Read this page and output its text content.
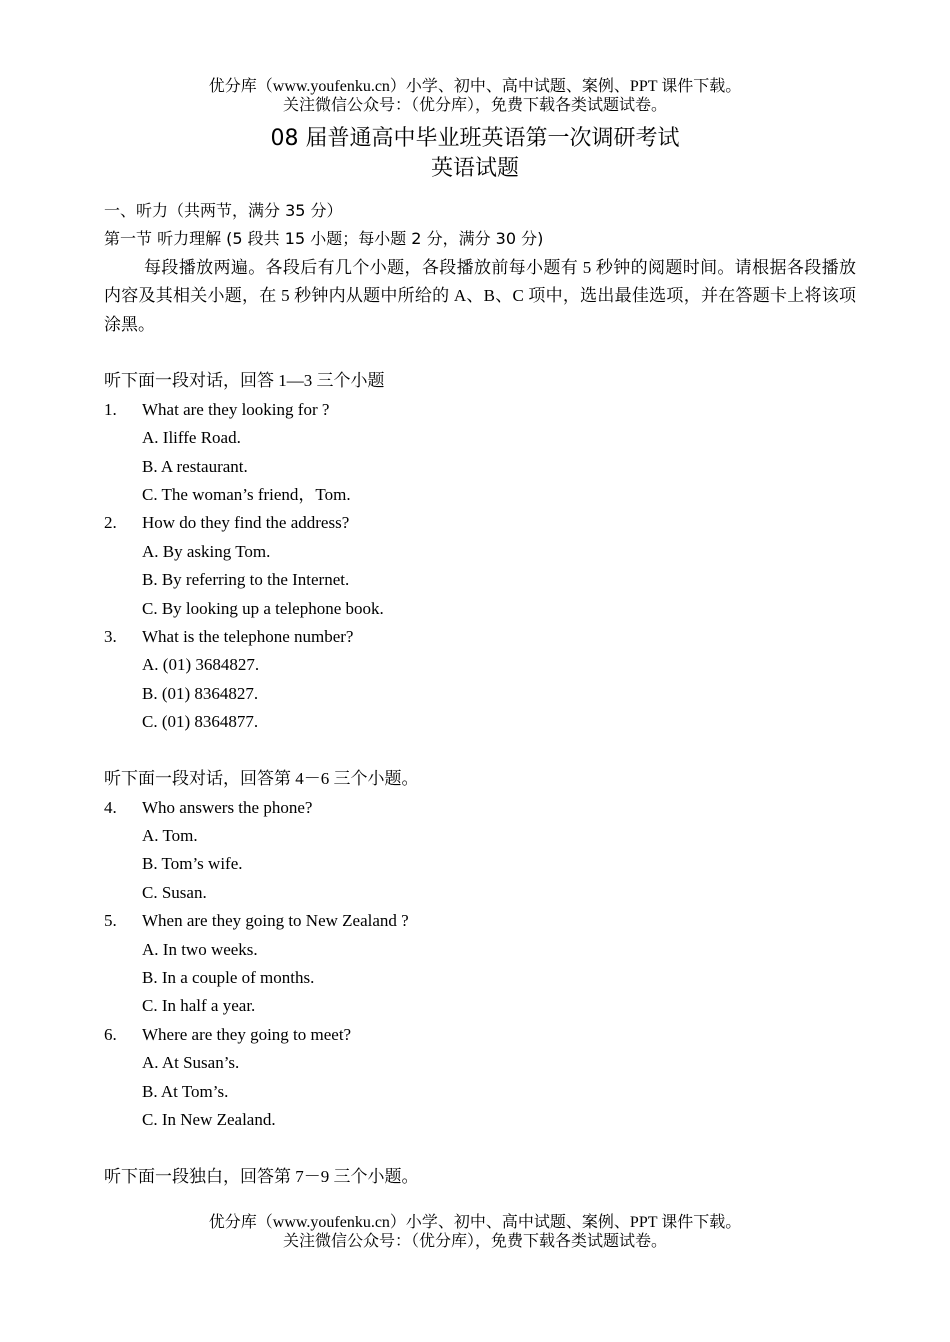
优分库（www.youfenku.cn）小学、初中、高中试题、案例、PPT 课件下载。
关注微信公众号：（优分库），免费下载各类试题试卷。
08 届普通高中毕业班英语第一次调研考试
英语试题
一、听力（共两节，满分 35 分）
第一节 听力理解 (5 段共 15 小题；每小题 2 分，满分 30 分)
每段播放两遍。各段后有几个小题，各段播放前每小题有 5 秒钟的阅题时间。请根据各段播放内容及其相关小题，在 5 秒钟内从题中所给的 A、B、C 项中，选出最佳选项，并在答题卡上将该项涂黑。
听下面一段对话，回答 1—3 三个小题
1.	What are they looking for ?
A. Iliffe Road.
B. A restaurant.
C. The woman’s friend，Tom.
2.	How do they find the address?
A. By asking Tom.
B. By referring to the Internet.
C. By looking up a telephone book.
3.	What is the telephone number?
A. (01) 3684827.
B. (01) 8364827.
C. (01) 8364877.
听下面一段对话，回答第 4－6 三个小题。
4.	Who answers the phone?
A. Tom.
B. Tom’s wife.
C. Susan.
5.	When are they going to New Zealand ?
A. In two weeks.
B. In a couple of months.
C. In half a year.
6.	Where are they going to meet?
A. At Susan’s.
B. At Tom’s.
C. In New Zealand.
听下面一段独白，回答第 7－9 三个小题。
优分库（www.youfenku.cn）小学、初中、高中试题、案例、PPT 课件下载。
关注微信公众号：（优分库），免费下载各类试题试卷。
